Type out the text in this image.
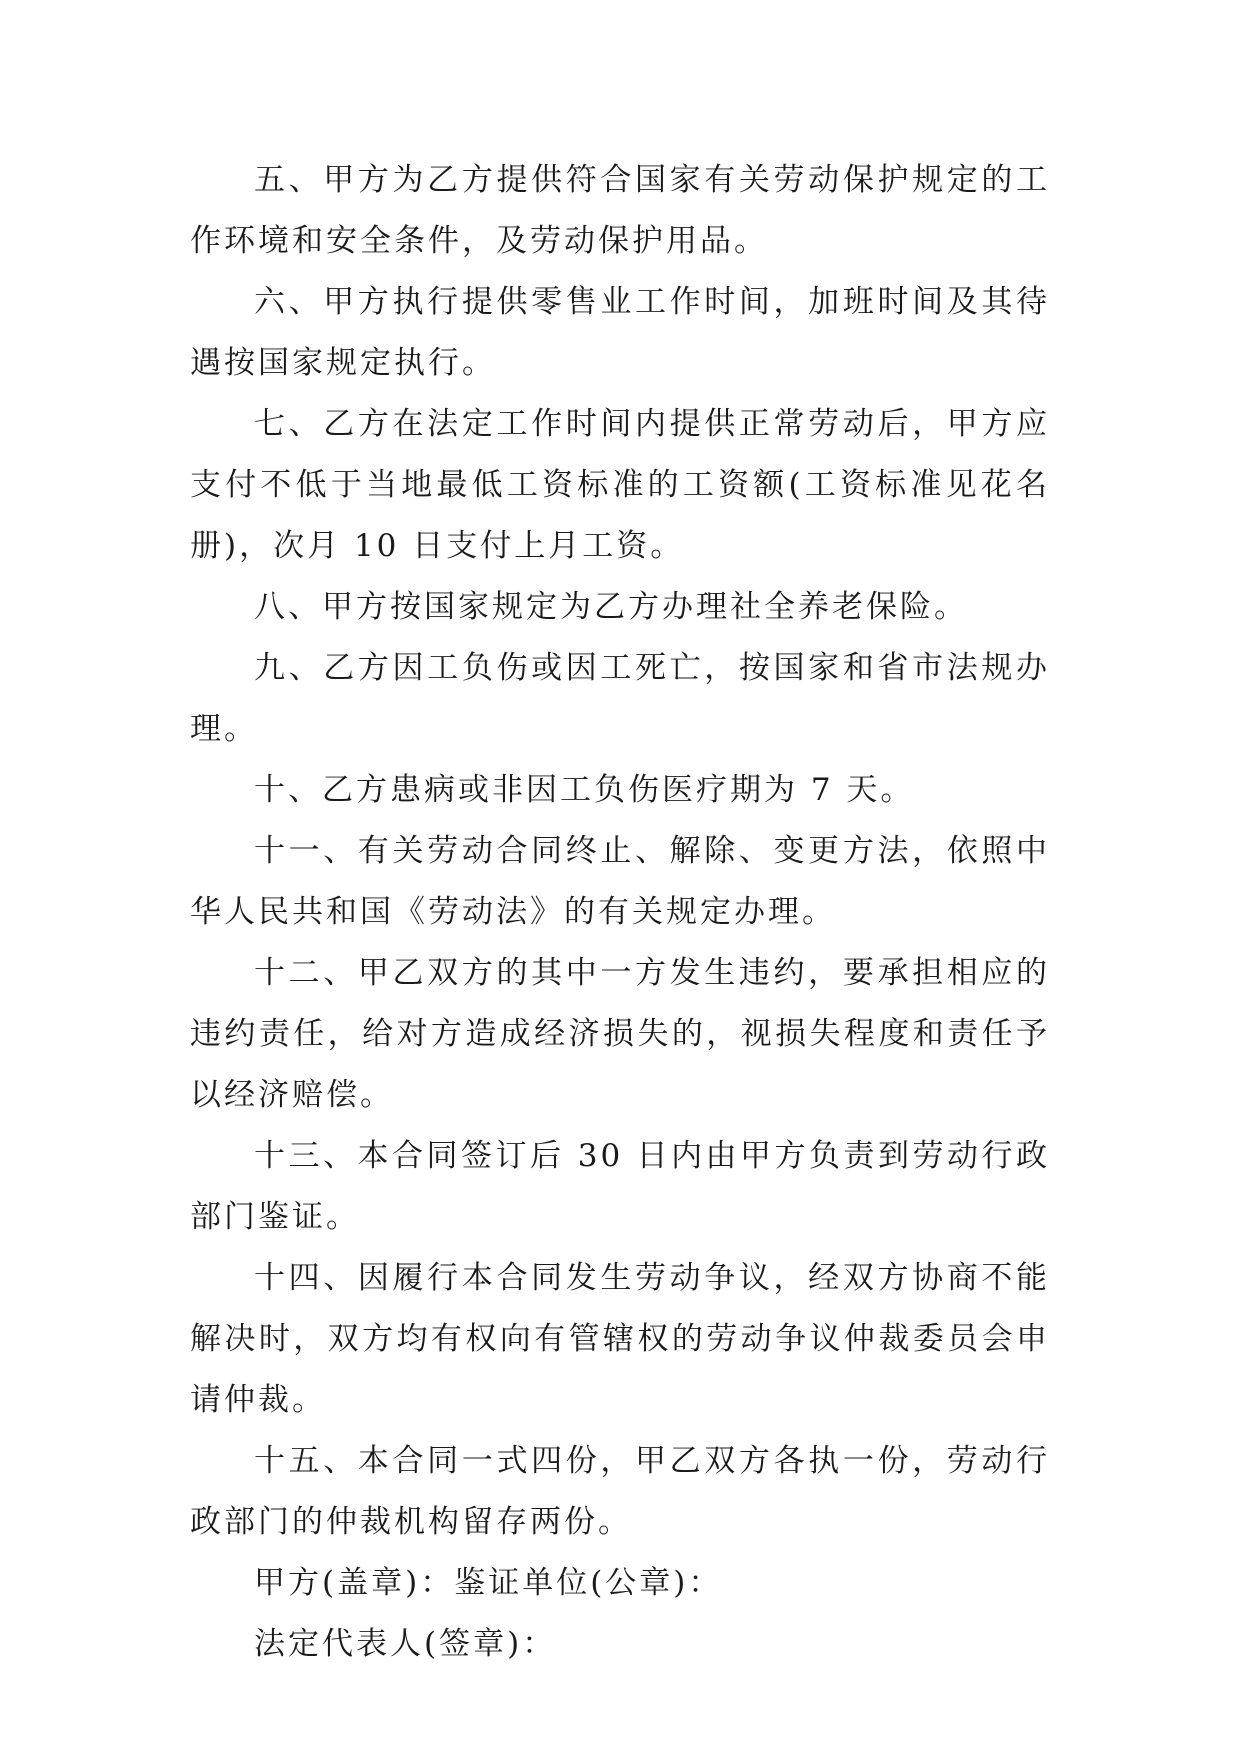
五、甲方为乙方提供符合国家有关劳动保护规定的工作环境和安全条件，及劳动保护用品。

六、甲方执行提供零售业工作时间，加班时间及其待遇按国家规定执行。

七、乙方在法定工作时间内提供正常劳动后，甲方应支付不低于当地最低工资标准的工资额(工资标准见花名册)，次月 10 日支付上月工资。

八、甲方按国家规定为乙方办理社全养老保险。

九、乙方因工负伤或因工死亡，按国家和省市法规办理。

十、乙方患病或非因工负伤医疗期为 7 天。

十一、有关劳动合同终止、解除、变更方法，依照中华人民共和国《劳动法》的有关规定办理。

十二、甲乙双方的其中一方发生违约，要承担相应的违约责任，给对方造成经济损失的，视损失程度和责任予以经济赔偿。

十三、本合同签订后 30 日内由甲方负责到劳动行政部门鉴证。

十四、因履行本合同发生劳动争议，经双方协商不能解决时，双方均有权向有管辖权的劳动争议仲裁委员会申请仲裁。

十五、本合同一式四份，甲乙双方各执一份，劳动行政部门的仲裁机构留存两份。

甲方(盖章)：鉴证单位(公章)：

法定代表人(签章)：
